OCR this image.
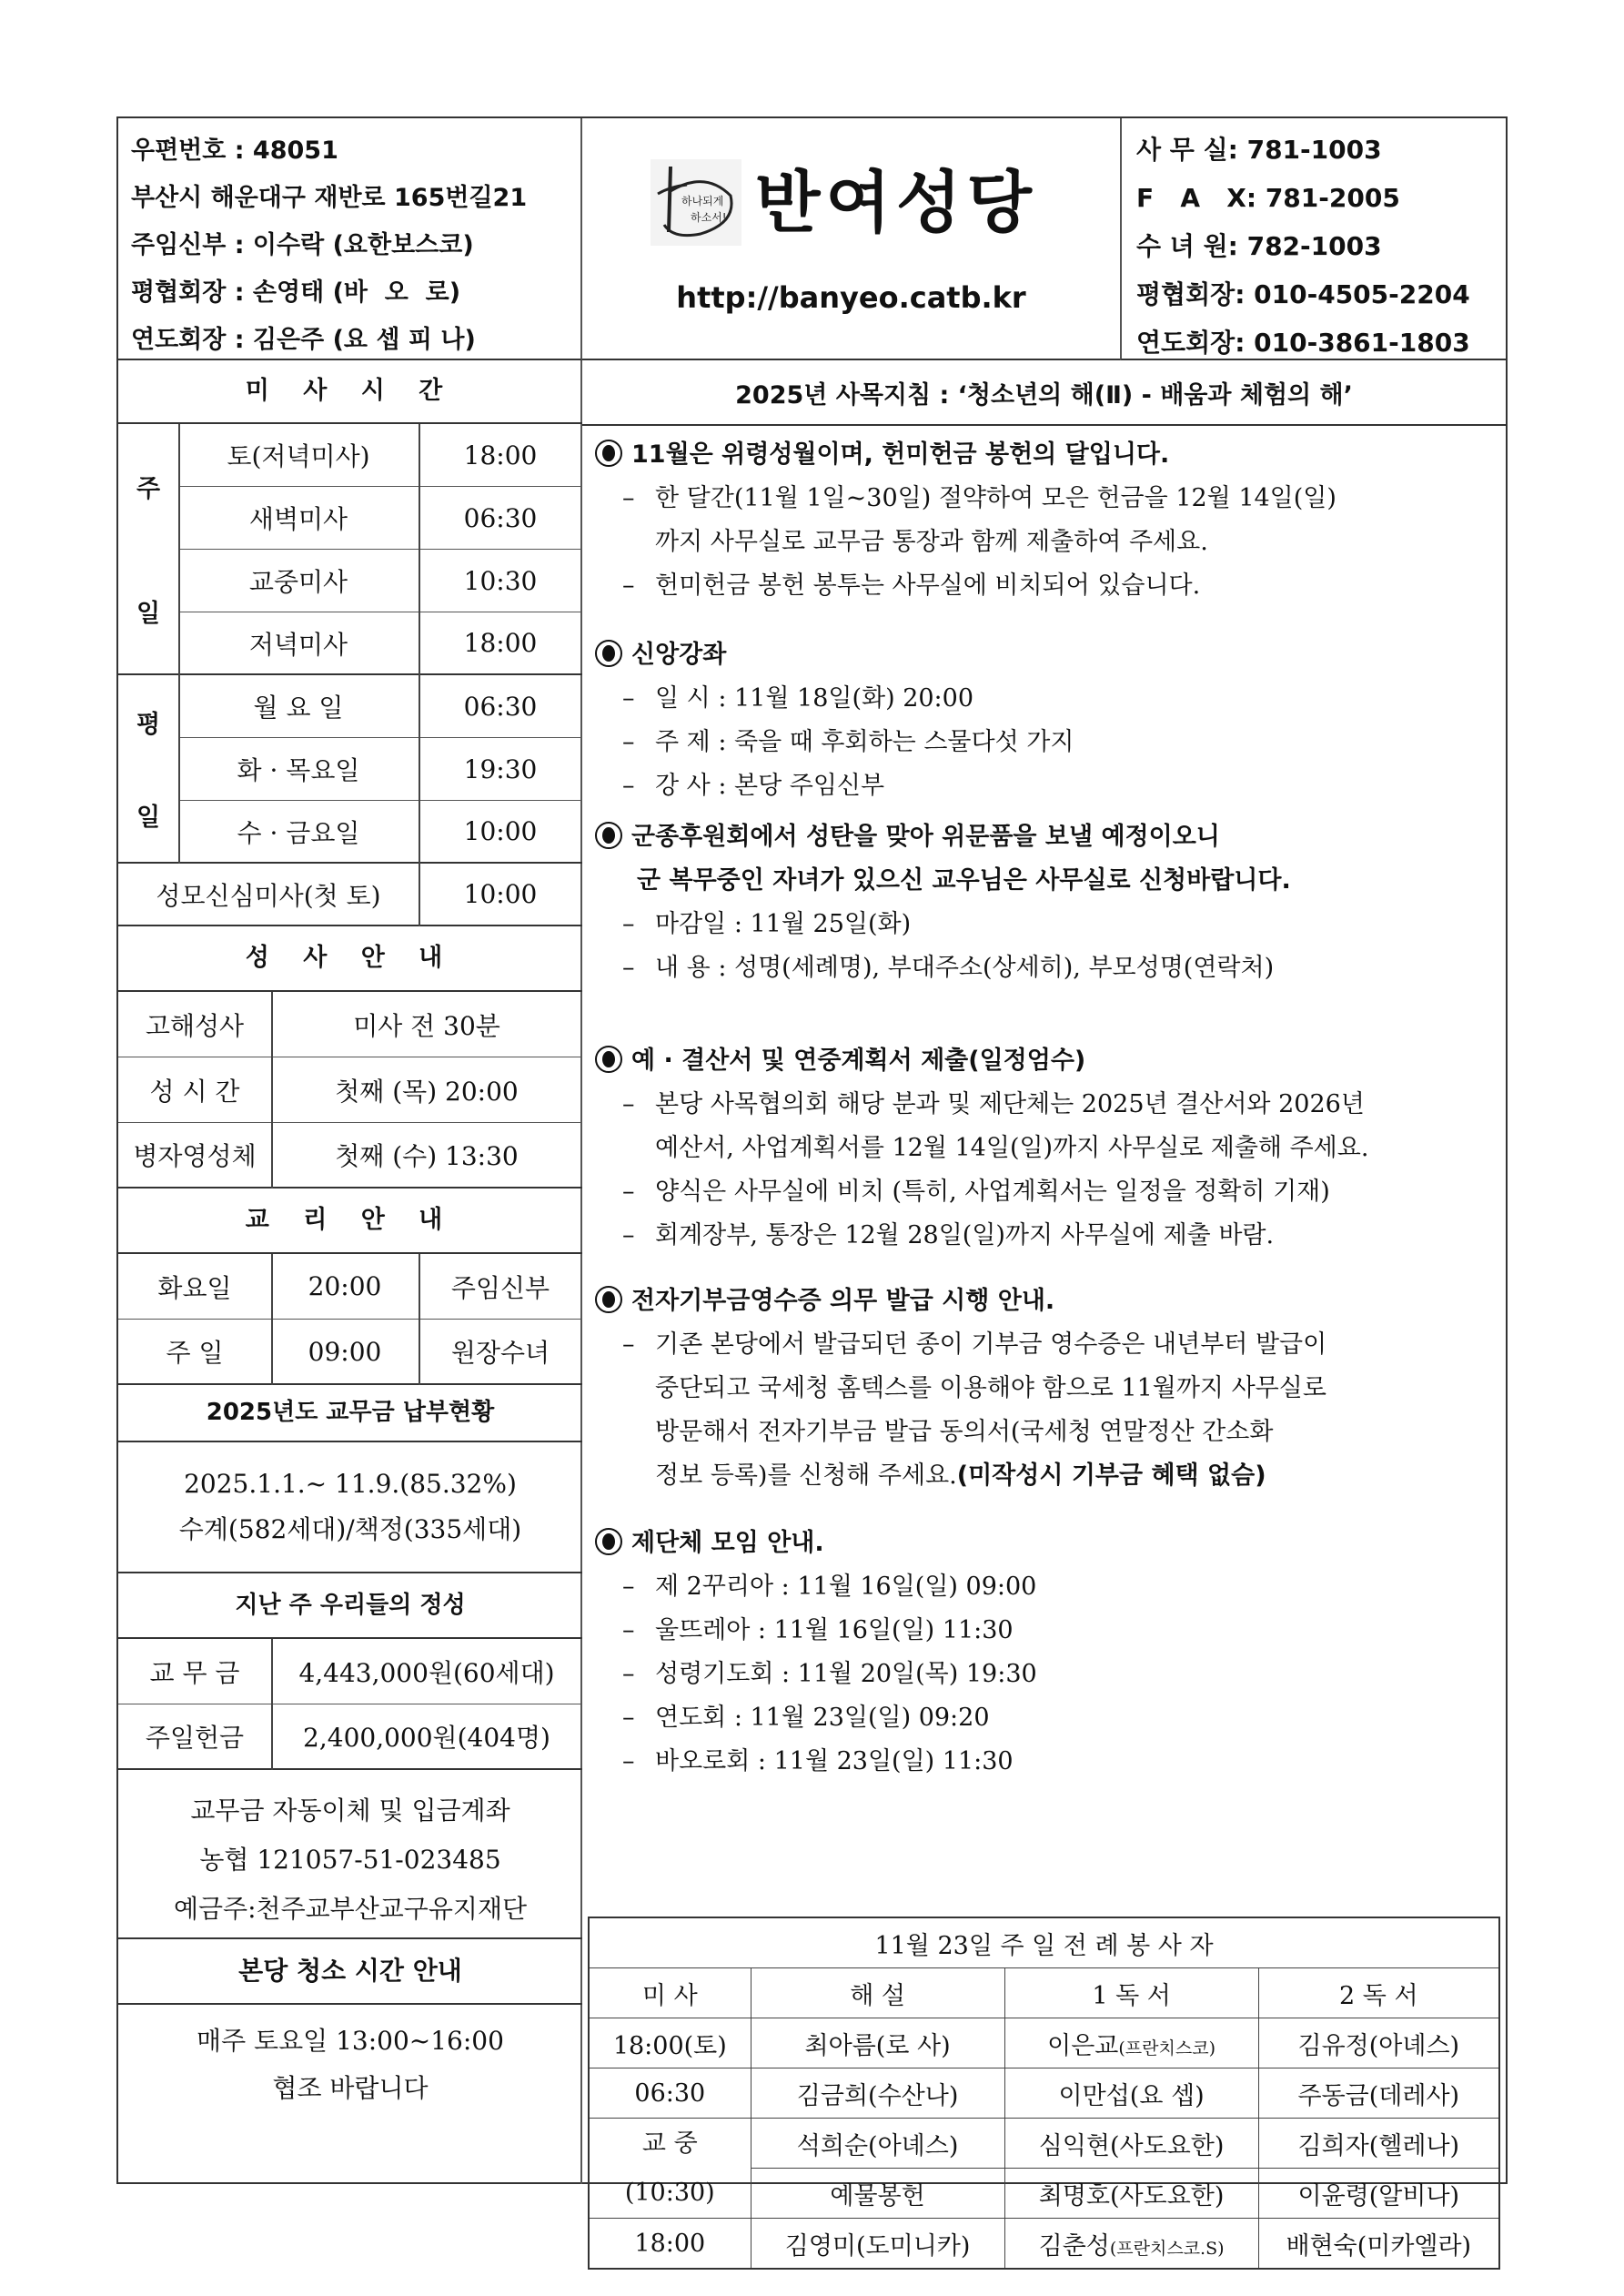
우편번호 : 48051
부산시 해운대구 재반로 165번길21
주임신부 : 이수락 (요한보스코)
평협회장 : 손영태 (바  오  로)
연도회장 : 김은주 (요 셉 피 나)
하나되게
하소서! 반여성당
http://banyeo.catb.kr
사 무 실: 781-1003
F   A   X: 781-2005
수 녀 원: 782-1003
평협회장: 010-4505-2204
연도회장: 010-3861-1803
미 사 시 간
주
일
토(저녁미사)	18:00
새벽미사	06:30
교중미사	10:30
저녁미사	18:00
평
일
월 요 일	06:30
화 · 목요일	19:30
수 · 금요일	10:00
성모신심미사(첫 토)	10:00
성 사 안 내
고해성사	미사 전 30분
성 시 간	첫째 (목) 20:00
병자영성체	첫째 (수) 13:30
교 리 안 내
화요일	20:00	주임신부
주 일	09:00	원장수녀
2025년도 교무금 납부현황
2025.1.1.~ 11.9.(85.32%)
수계(582세대)/책정(335세대)
지난 주 우리들의 정성
교 무 금	4,443,000원(60세대)
주일헌금	2,400,000원(404명)
교무금 자동이체 및 입금계좌
농협 121057-51-023485
예금주:천주교부산교구유지재단
본당 청소 시간 안내
매주 토요일 13:00~16:00
협조 바랍니다
2025년 사목지침 : ‘청소년의 해(Ⅱ) - 배움과 체험의 해’
11월은 위령성월이며, 헌미헌금 봉헌의 달입니다.
– 한 달간(11월 1일~30일) 절약하여 모은 헌금을 12월 14일(일)
까지 사무실로 교무금 통장과 함께 제출하여 주세요.
– 헌미헌금 봉헌 봉투는 사무실에 비치되어 있습니다.
신앙강좌
– 일 시 : 11월 18일(화) 20:00
– 주 제 : 죽을 때 후회하는 스물다섯 가지
– 강 사 : 본당 주임신부
군종후원회에서 성탄을 맞아 위문품을 보낼 예정이오니
군 복무중인 자녀가 있으신 교우님은 사무실로 신청바랍니다.
– 마감일 : 11월 25일(화)
– 내 용 : 성명(세례명), 부대주소(상세히), 부모성명(연락처)
예 · 결산서 및 연중계획서 제출(일정엄수)
– 본당 사목협의회 해당 분과 및 제단체는 2025년 결산서와 2026년
예산서, 사업계획서를 12월 14일(일)까지 사무실로 제출해 주세요.
– 양식은 사무실에 비치 (특히, 사업계획서는 일정을 정확히 기재)
– 회계장부, 통장은 12월 28일(일)까지 사무실에 제출 바람.
전자기부금영수증 의무 발급 시행 안내.
– 기존 본당에서 발급되던 종이 기부금 영수증은 내년부터 발급이
중단되고 국세청 홈텍스를 이용해야 함으로 11월까지 사무실로
방문해서 전자기부금 발급 동의서(국세청 연말정산 간소화
정보 등록)를 신청해 주세요.(미작성시 기부금 혜택 없슴)
제단체 모임 안내.
– 제 2꾸리아 : 11월 16일(일) 09:00
– 울뜨레아 : 11월 16일(일) 11:30
– 성령기도회 : 11월 20일(목) 19:30
– 연도회 : 11월 23일(일) 09:20
– 바오로회 : 11월 23일(일) 11:30
11월 23일 주 일 전 례 봉 사 자			
미 사	해 설	1 독 서	2 독 서
18:00(토)	최아름(로 사)	이은교(프란치스코)	김유정(아녜스)
06:30	김금희(수산나)	이만섭(요 셉)	주동금(데레사)

교 중
(10:30)	석희순(아녜스)	심익현(사도요한)	김희자(헬레나)
	예물봉헌	최명호(사도요한)	이윤령(알비나)
18:00	김영미(도미니카)	김춘성(프란치스코.S)	배현숙(미카엘라)
